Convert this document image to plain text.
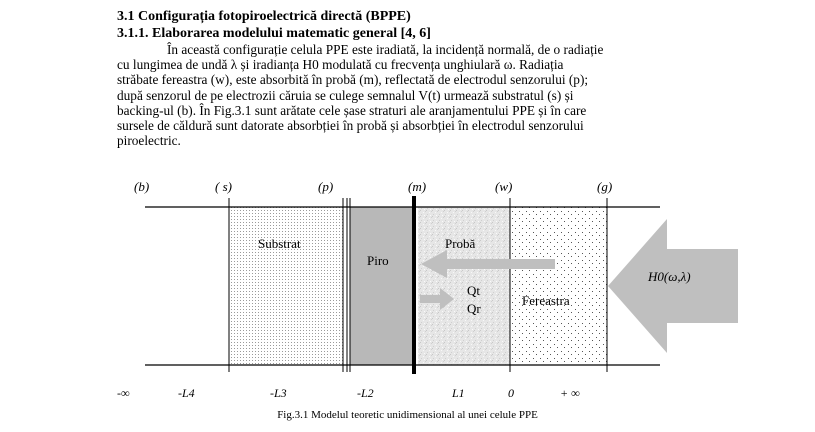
3.1 Configurația fotopiroelectrică directă (BPPE)
3.1.1. Elaborarea modelului matematic general [4, 6]
În această configurație celula PPE este iradiată, la incidență normală, de o radiație
cu lungimea de undă λ și iradianța H0 modulată cu frecvența unghiulară ω. Radiația
străbate fereastra (w), este absorbită în probă (m), reflectată de electrodul senzorului (p);
după senzorul de pe electrozii căruia se culege semnalul V(t) urmează substratul (s) și
backing-ul (b). În Fig.3.1 sunt arătate cele șase straturi ale aranjamentului PPE și în care
sursele de căldură sunt datorate absorbției în probă și absorbției în electrodul senzorului
piroelectric.
(b)	( s)	(p)	(m)	(w)	(g)
Substrat
Piro
Probă
Fereastra
Qt
Qr
H0(ω,λ)
-∞	-L4	-L3	-L2	L1	0	+ ∞
Fig.3.1 Modelul teoretic unidimensional al unei celule PPE
